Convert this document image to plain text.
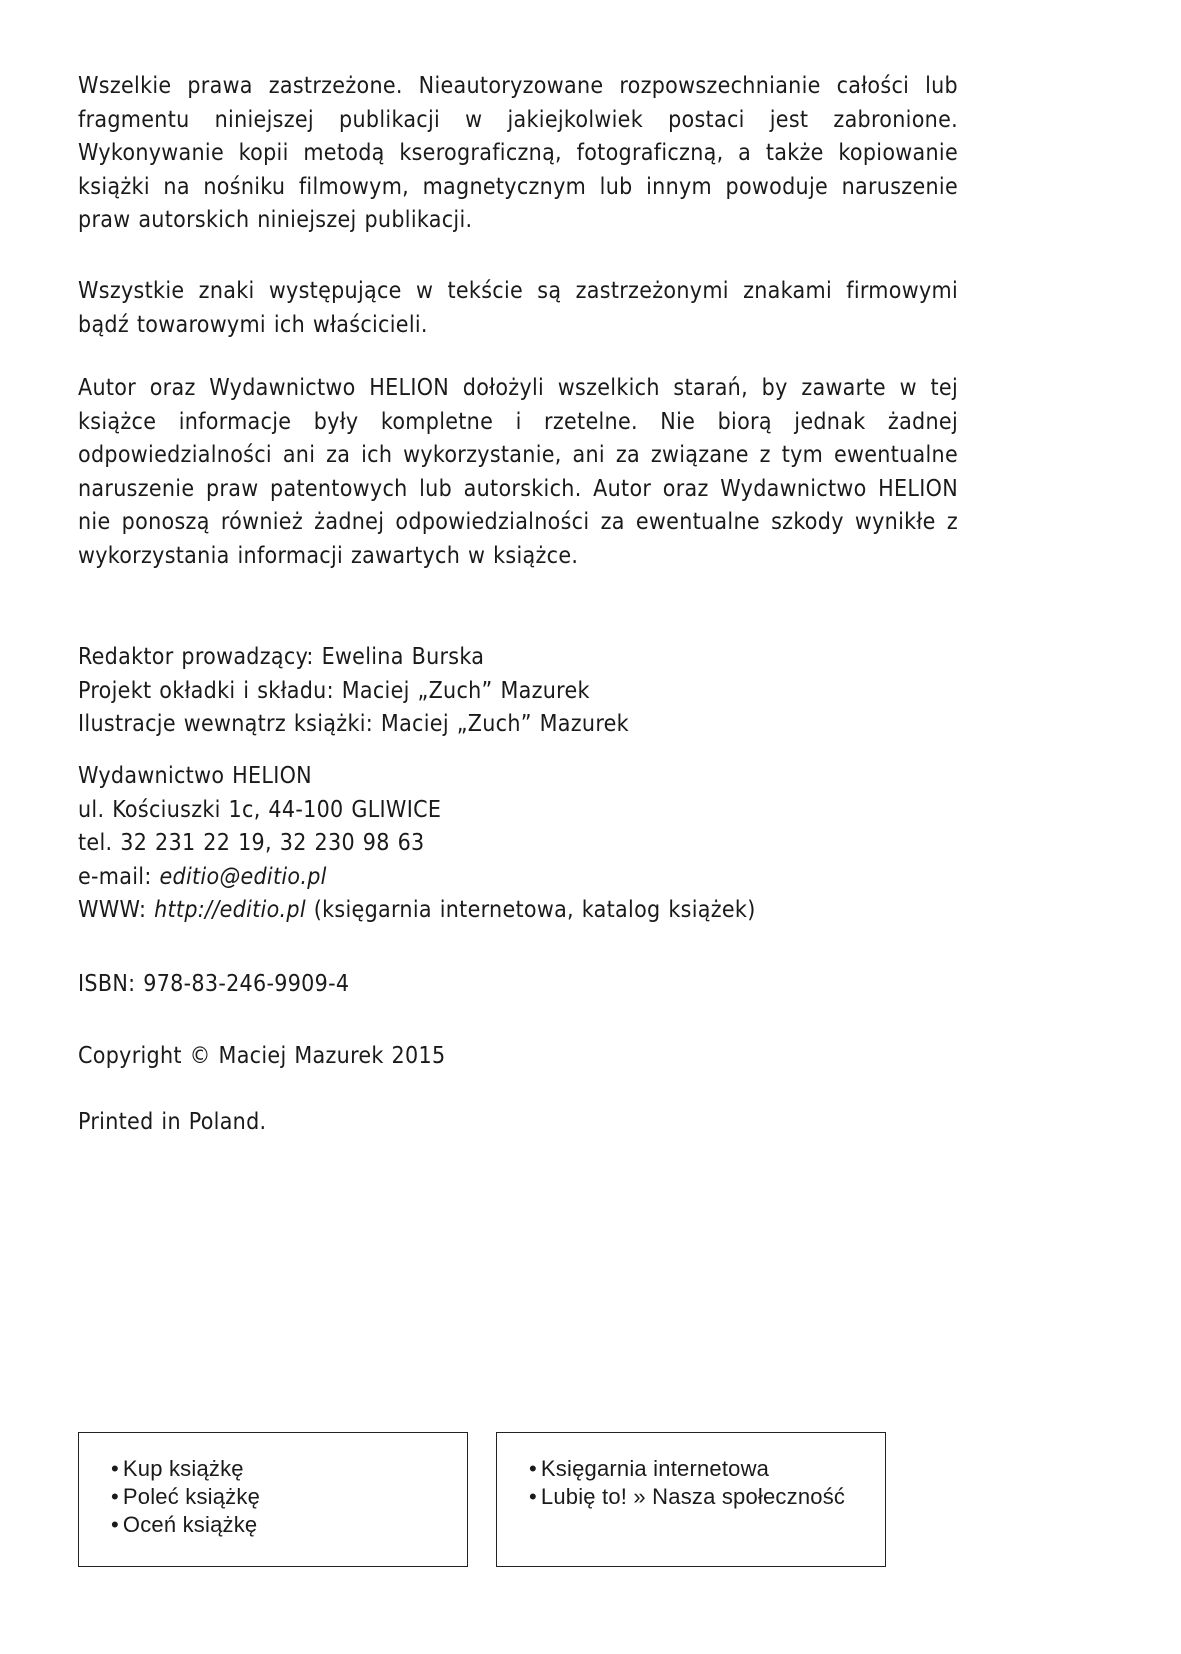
Wszelkie prawa zastrzeżone. Nieautoryzowane rozpowszechnianie całości lub fragmentu niniejszej publikacji w jakiejkolwiek postaci jest zabronione. Wykonywanie kopii metodą kserograficzną, fotograficzną, a także kopiowanie książki na nośniku filmowym, magnetycznym lub innym powoduje naruszenie praw autorskich niniejszej publikacji.

Wszystkie znaki występujące w tekście są zastrzeżonymi znakami firmowymi bądź towarowymi ich właścicieli.

Autor oraz Wydawnictwo HELION dołożyli wszelkich starań, by zawarte w tej książce informacje były kompletne i rzetelne. Nie biorą jednak żadnej odpowiedzialności ani za ich wykorzystanie, ani za związane z tym ewentualne naruszenie praw patentowych lub autorskich. Autor oraz Wydawnictwo HELION nie ponoszą również żadnej odpowiedzialności za ewentualne szkody wynikłe z wykorzystania informacji zawartych w książce.

Redaktor prowadzący: Ewelina Burska
Projekt okładki i składu: Maciej „Zuch” Mazurek
Ilustracje wewnątrz książki: Maciej „Zuch” Mazurek
Wydawnictwo HELION
ul. Kościuszki 1c, 44-100 GLIWICE
tel. 32 231 22 19, 32 230 98 63
e-mail: editio@editio.pl
WWW: http://editio.pl (księgarnia internetowa, katalog książek)
ISBN: 978-83-246-9909-4
Copyright © Maciej Mazurek 2015
Printed in Poland.
• Kup książkę
• Poleć książkę
• Oceń książkę
• Księgarnia internetowa
• Lubię to! » Nasza społeczność
